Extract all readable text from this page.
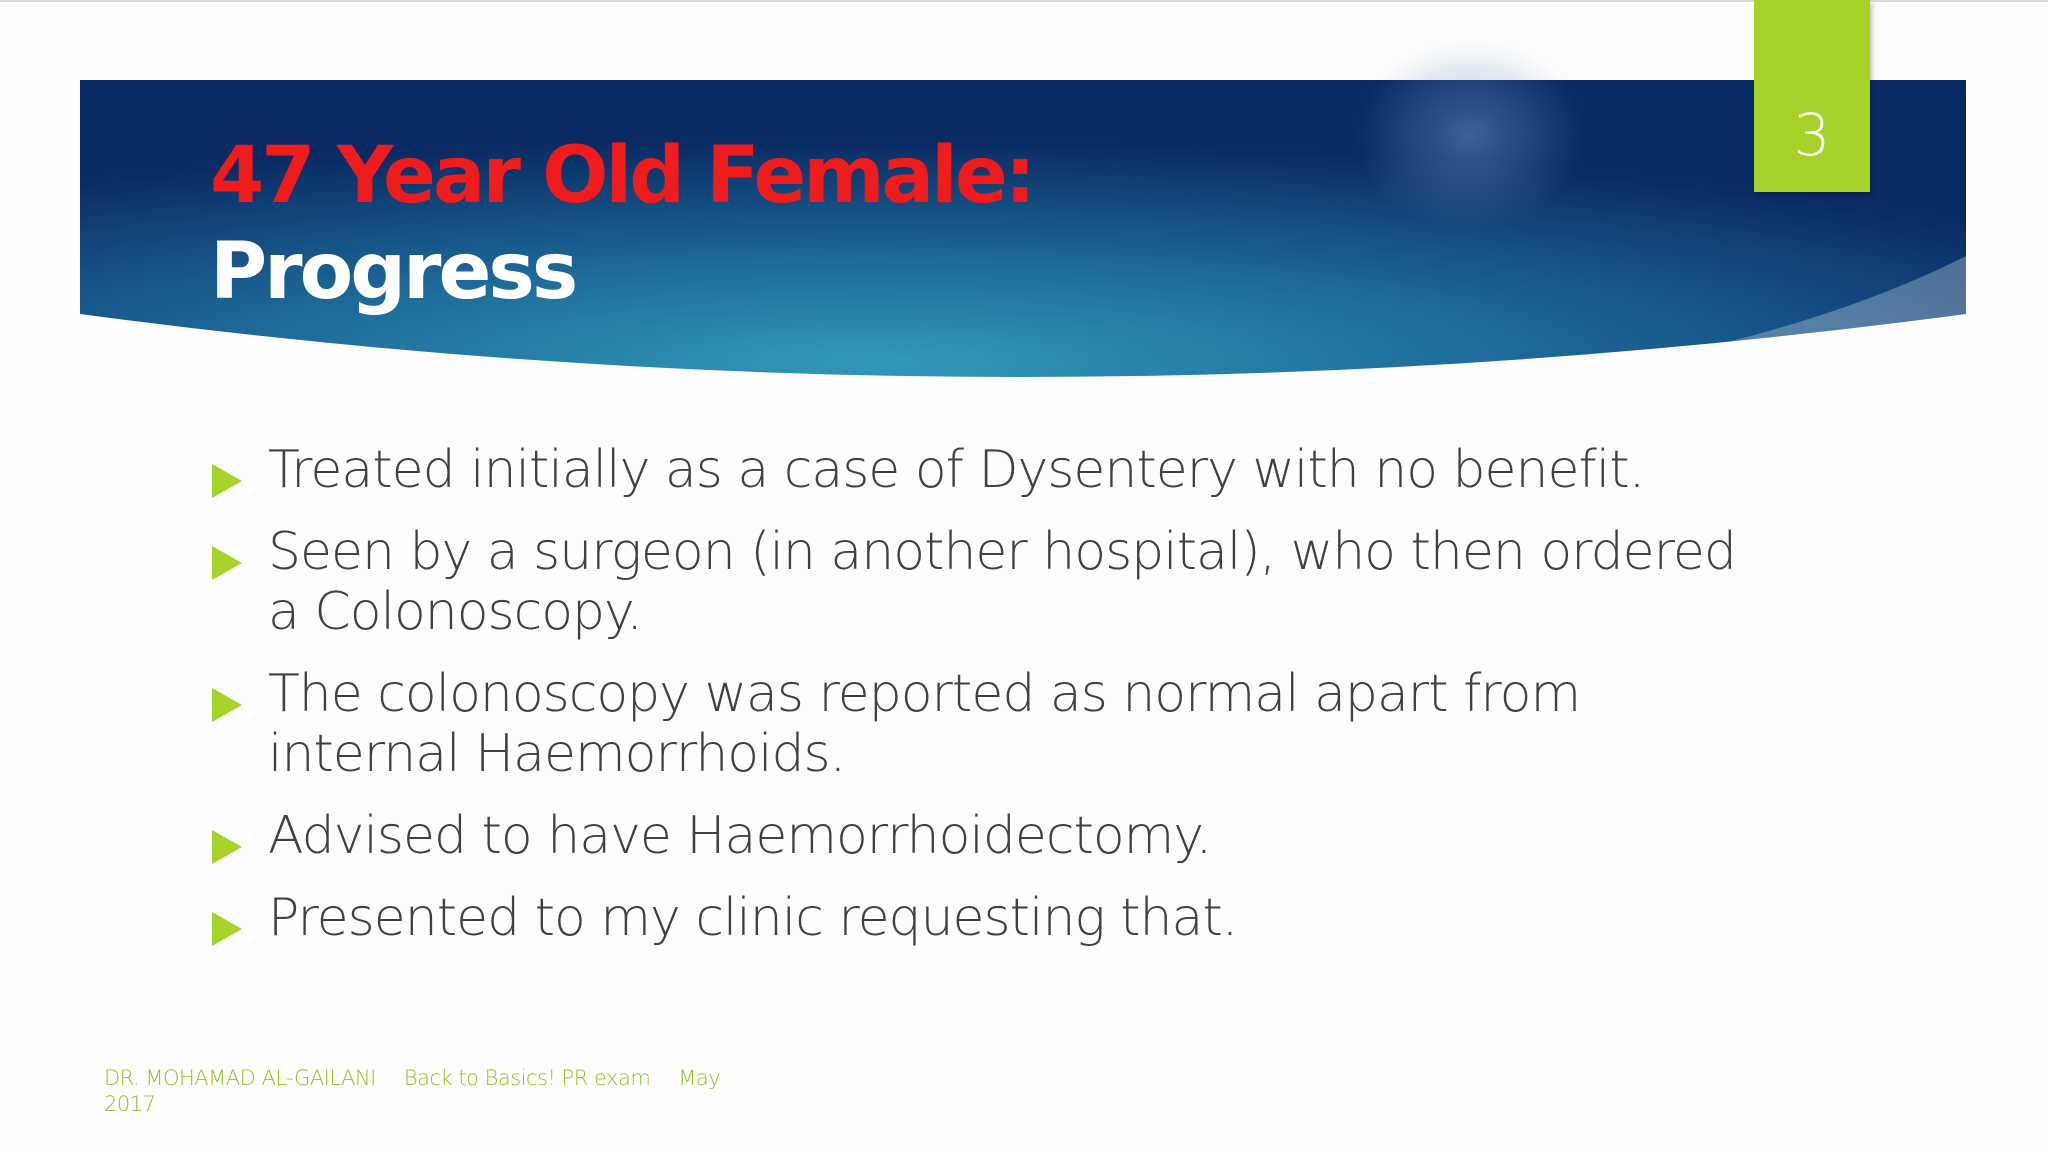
3
47 Year Old Female:
Progress
Treated initially as a case of Dysentery with no benefit.
Seen by a surgeon (in another hospital), who then ordered a Colonoscopy.
The colonoscopy was reported as normal apart from internal Haemorrhoids.
Advised to have Haemorrhoidectomy.
Presented to my clinic requesting that.
DR. MOHAMAD AL-GAILANI Back to Basics! PR exam May 2017
